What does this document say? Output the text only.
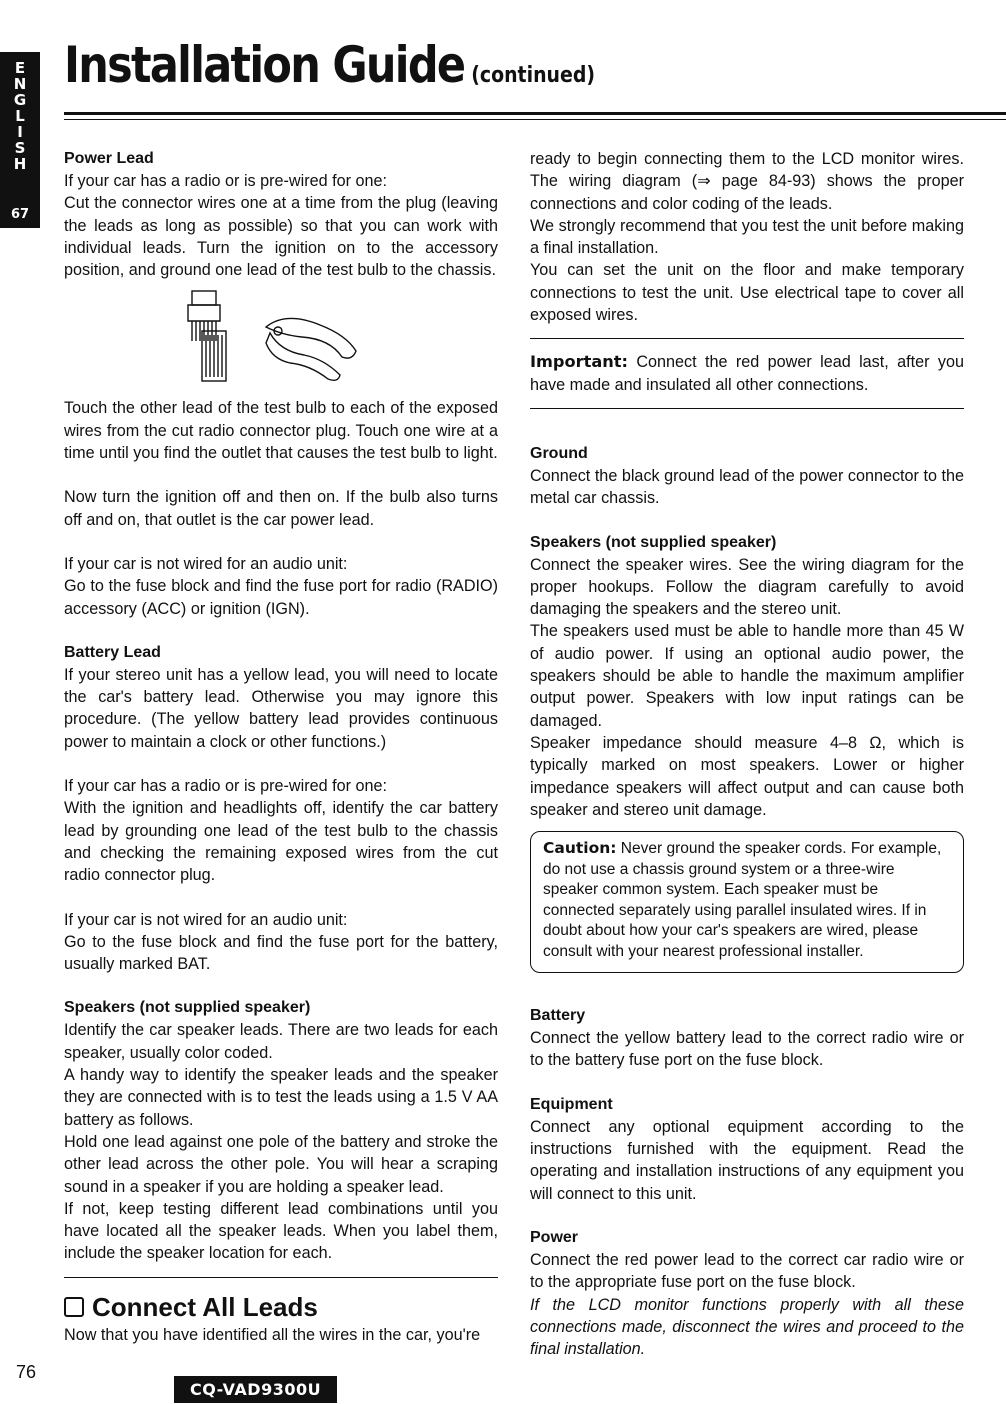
E
N
G
L
I
S
H
67
Installation Guide (continued)
Power Lead

If your car has a radio or is pre-wired for one:

Cut the connector wires one at a time from the plug (leaving the leads as long as possible) so that you can work with individual leads. Turn the ignition on to the accessory position, and ground one lead of the test bulb to the chassis.

Touch the other lead of the test bulb to each of the exposed wires from the cut radio connector plug. Touch one wire at a time until you find the outlet that causes the test bulb to light.

Now turn the ignition off and then on. If the bulb also turns off and on, that outlet is the car power lead.

If your car is not wired for an audio unit:

Go to the fuse block and find the fuse port for radio (RADIO) accessory (ACC) or ignition (IGN).

Battery Lead

If your stereo unit has a yellow lead, you will need to locate the car's battery lead. Otherwise you may ignore this procedure. (The yellow battery lead provides continuous power to maintain a clock or other functions.)

If your car has a radio or is pre-wired for one:

With the ignition and headlights off, identify the car battery lead by grounding one lead of the test bulb to the chassis and checking the remaining exposed wires from the cut radio connector plug.

If your car is not wired for an audio unit:

Go to the fuse block and find the fuse port for the battery, usually marked BAT.

Speakers (not supplied speaker)

Identify the car speaker leads. There are two leads for each speaker, usually color coded.

A handy way to identify the speaker leads and the speaker they are connected with is to test the leads using a 1.5 V AA battery as follows.

Hold one lead against one pole of the battery and stroke the other lead across the other pole. You will hear a scraping sound in a speaker if you are holding a speaker lead.

If not, keep testing different lead combinations until you have located all the speaker leads. When you label them, include the speaker location for each.

Connect All Leads

Now that you have identified all the wires in the car, you're

ready to begin connecting them to the LCD monitor wires. The wiring diagram (⇒ page 84-93) shows the proper connections and color coding of the leads.

We strongly recommend that you test the unit before making a final installation.

You can set the unit on the floor and make temporary connections to test the unit. Use electrical tape to cover all exposed wires.

Important: Connect the red power lead last, after you have made and insulated all other connections.

Ground

Connect the black ground lead of the power connector to the metal car chassis.

Speakers (not supplied speaker)

Connect the speaker wires. See the wiring diagram for the proper hookups. Follow the diagram carefully to avoid damaging the speakers and the stereo unit.

The speakers used must be able to handle more than 45 W of audio power. If using an optional audio power, the speakers should be able to handle the maximum amplifier output power. Speakers with low input ratings can be damaged.

Speaker impedance should measure 4–8 Ω, which is typically marked on most speakers. Lower or higher impedance speakers will affect output and can cause both speaker and stereo unit damage.

Caution: Never ground the speaker cords. For example, do not use a chassis ground system or a three-wire speaker common system. Each speaker must be connected separately using parallel insulated wires. If in doubt about how your car's speakers are wired, please consult with your nearest professional installer.
Battery

Connect the yellow battery lead to the correct radio wire or to the battery fuse port on the fuse block.

Equipment

Connect any optional equipment according to the instructions furnished with the equipment. Read the operating and installation instructions of any equipment you will connect to this unit.

Power

Connect the red power lead to the correct car radio wire or to the appropriate fuse port on the fuse block.

If the LCD monitor functions properly with all these connections made, disconnect the wires and proceed to the final installation.

76
CQ-VAD9300U
